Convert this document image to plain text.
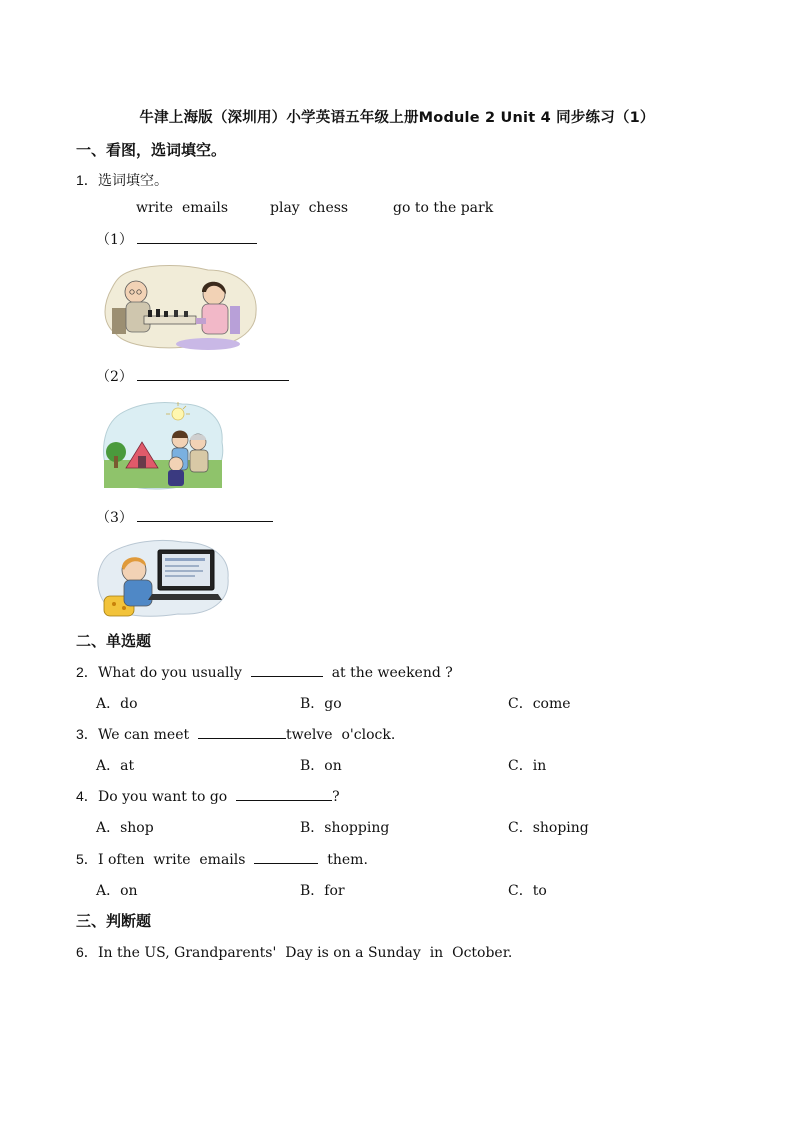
牛津上海版（深圳用）小学英语五年级上册Module 2 Unit 4 同步练习（1）
一、看图，选词填空。
1．选词填空。
write  emails	play  chess	go to the park
（1）
（2）
（3）
二、单选题
2．What do you usually	at the weekend ?
A．do	B．go	C．come
3．We can meet	twelve  o'clock.
A．at	B．on	C．in
4．Do you want to go	?
A．shop	B．shopping	C．shoping
5．I often  write  emails	them.
A．on	B．for	C．to
三、判断题
6．In the US, Grandparents'  Day is on a Sunday  in  October.
